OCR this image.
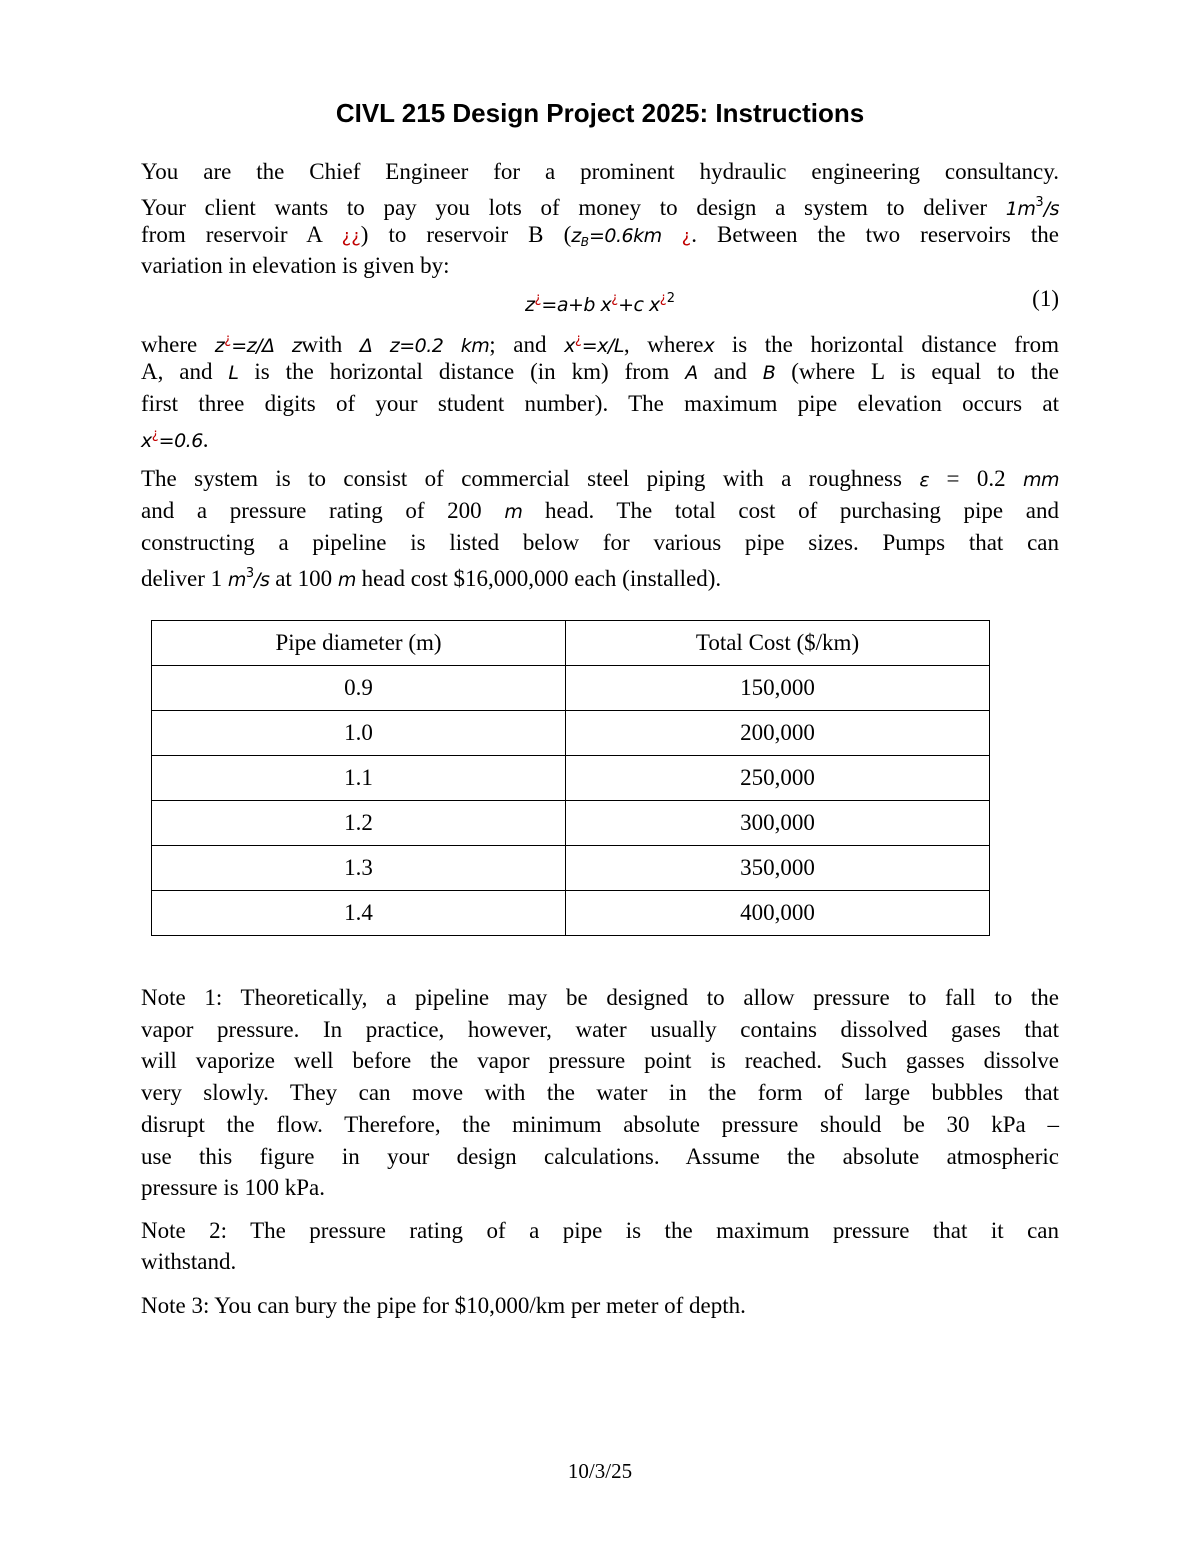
CIVL 215 Design Project 2025: Instructions
You are the Chief Engineer for a prominent hydraulic engineering consultancy.
Your client wants to pay you lots of money to design a system to deliver $1m^3/s$
from reservoir A ¿¿) to reservoir B ($z_B=0.6km$ ¿. Between the two reservoirs the
variation in elevation is given by:
where z¿=z/Δ zwith Δ z=0.2 km; and x¿=x/L, wherex is the horizontal distance from
A, and L is the horizontal distance (in km) from A and B (where L is equal to the
first three digits of your student number). The maximum pipe elevation occurs at
x¿=0.6.
The system is to consist of commercial steel piping with a roughness ε = 0.2 mm
and a pressure rating of 200 m head. The total cost of purchasing pipe and
constructing a pipeline is listed below for various pipe sizes. Pumps that can
deliver 1 $m^3/s$ at 100 m head cost $16,000,000 each (installed).
Note 1: Theoretically, a pipeline may be designed to allow pressure to fall to the
vapor pressure. In practice, however, water usually contains dissolved gases that
will vaporize well before the vapor pressure point is reached. Such gasses dissolve
very slowly. They can move with the water in the form of large bubbles that
disrupt the flow. Therefore, the minimum absolute pressure should be 30 kPa –
use this figure in your design calculations. Assume the absolute atmospheric
pressure is 100 kPa.
Note 2: The pressure rating of a pipe is the maximum pressure that it can
withstand.
Note 3: You can bury the pipe for $10,000/km per meter of depth.
z¿=a+b x¿+c $x^{¿2}$	(1)
Pipe diameter (m)	Total Cost ($/km)
0.9	150,000
1.0	200,000
1.1	250,000
1.2	300,000
1.3	350,000
1.4	400,000
10/3/25
